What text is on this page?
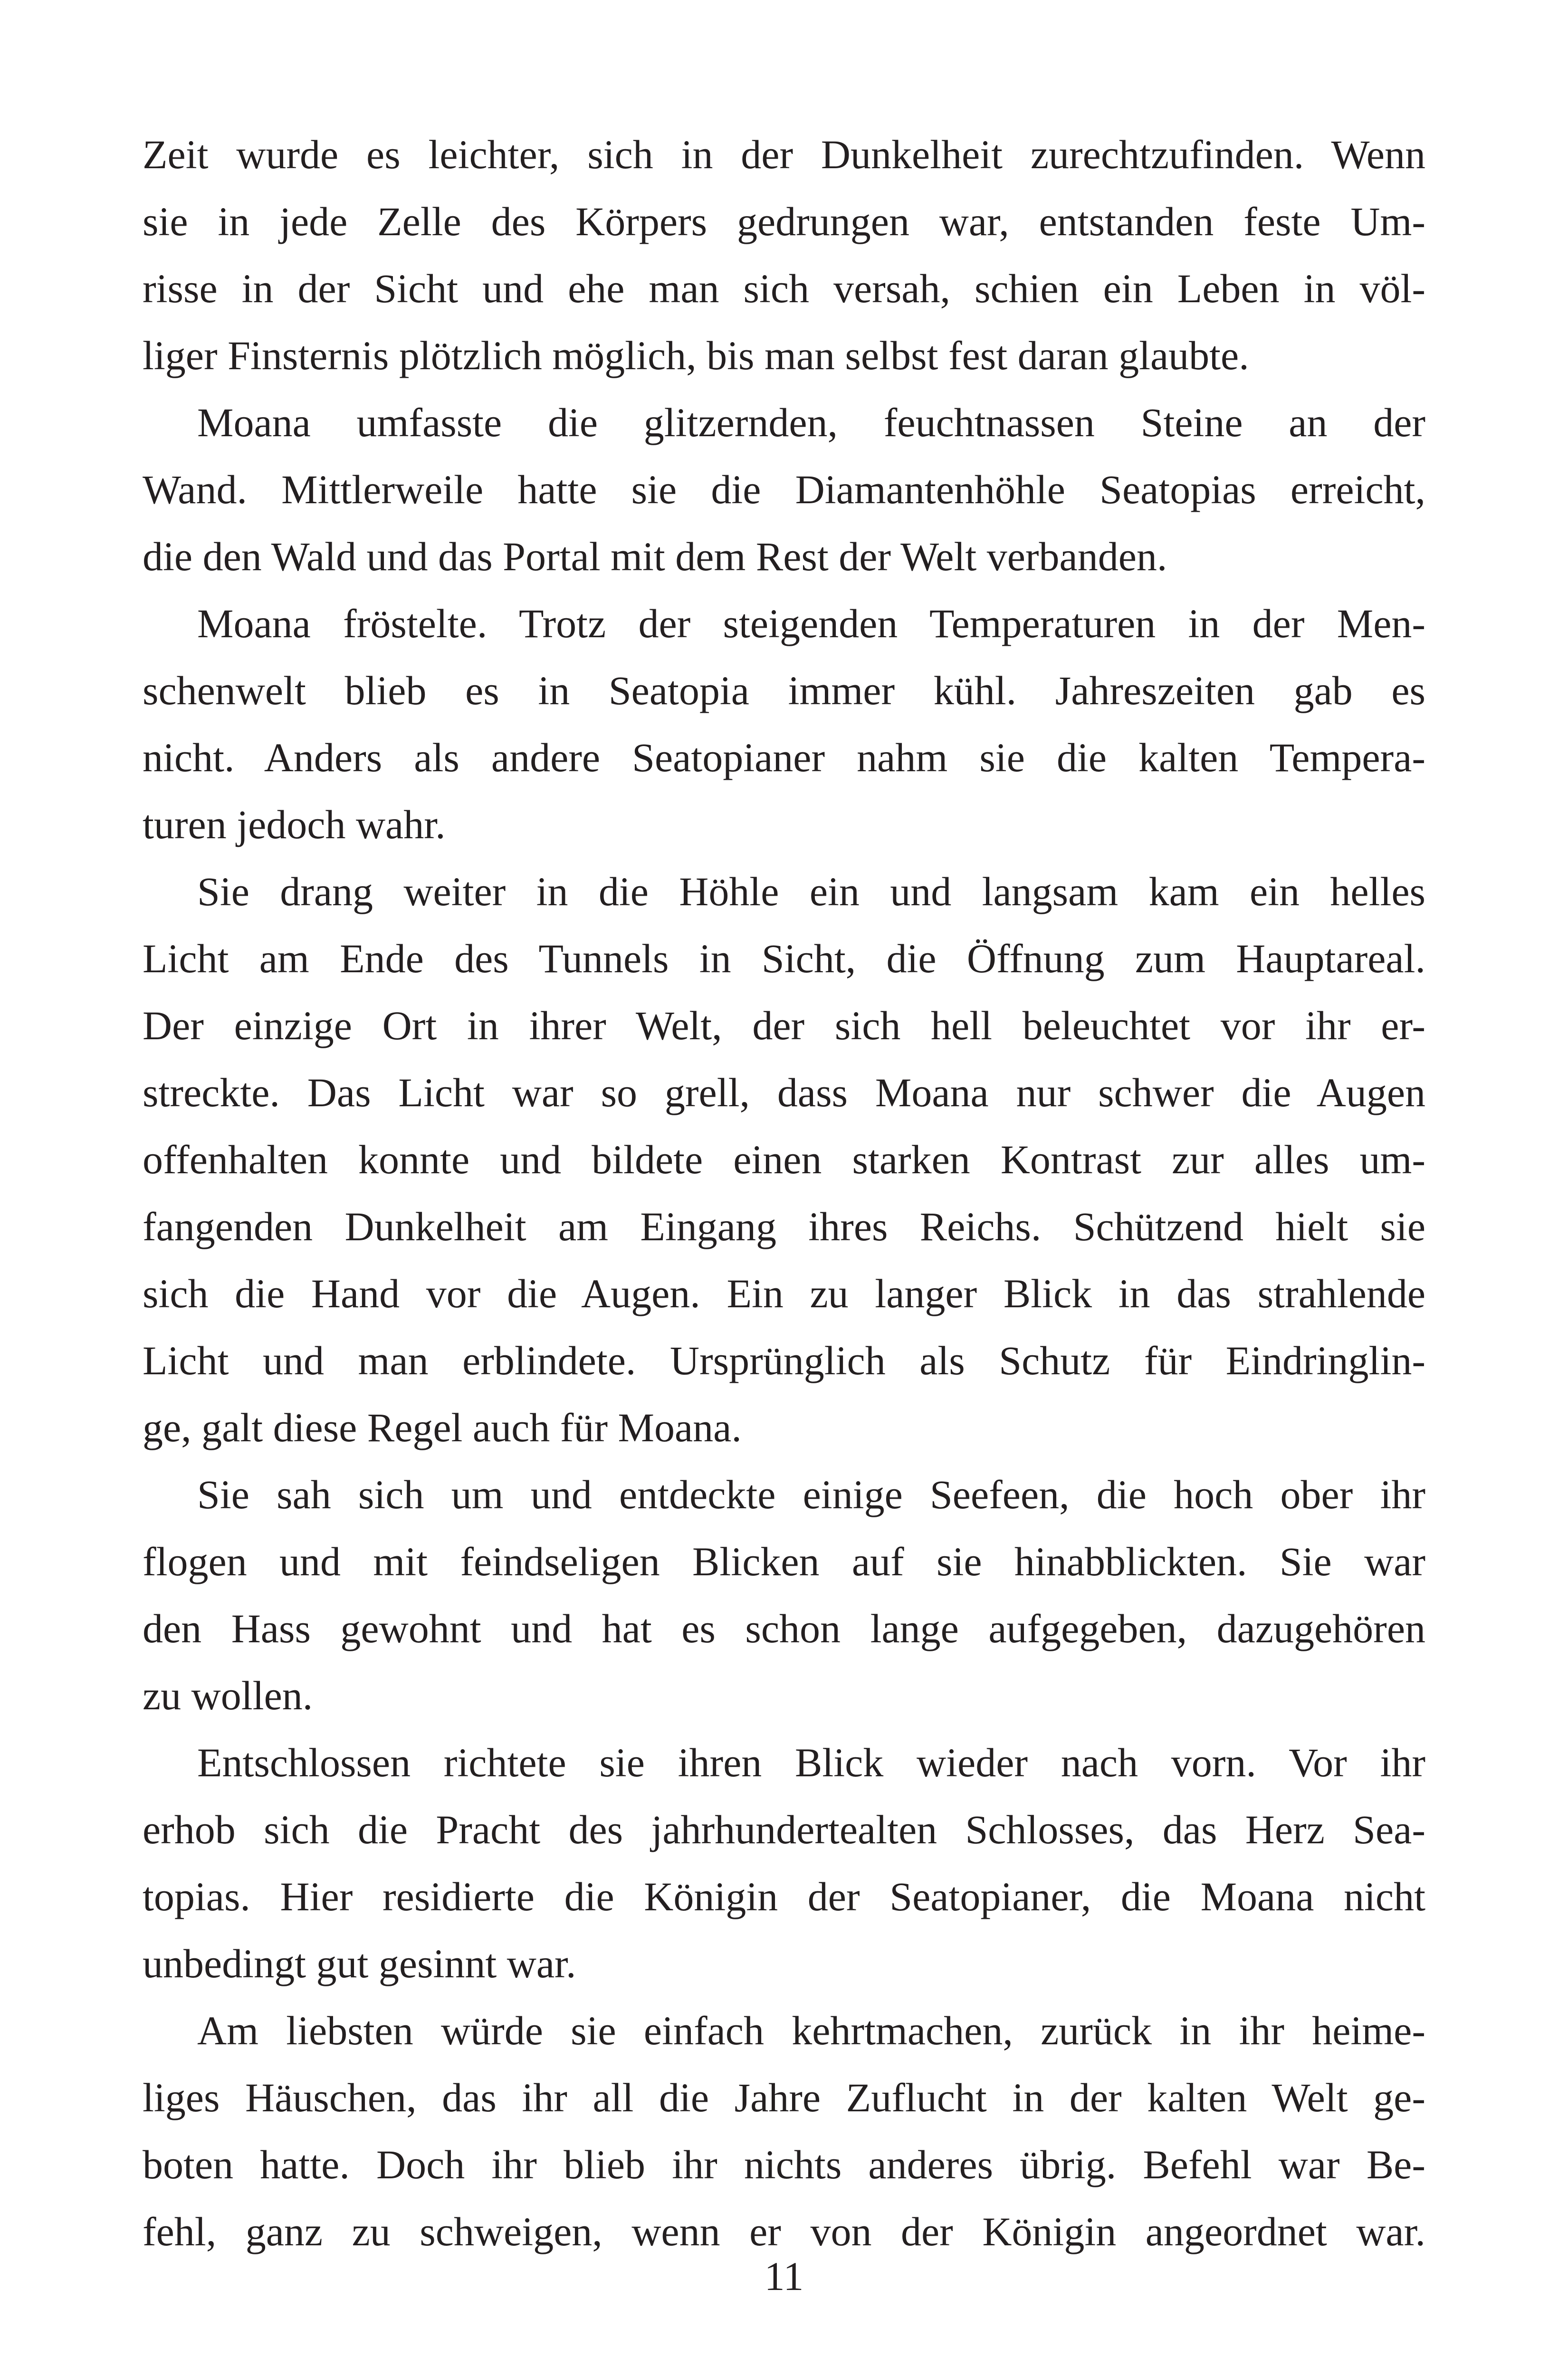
Zeit wurde es leichter, sich in der Dunkelheit zurechtzufinden. Wenn
sie in jede Zelle des Körpers gedrungen war, entstanden feste Um-
risse in der Sicht und ehe man sich versah, schien ein Leben in völ-
liger Finsternis plötzlich möglich, bis man selbst fest daran glaubte.

Moana umfasste die glitzernden, feuchtnassen Steine an der
Wand. Mittlerweile hatte sie die Diamantenhöhle Seatopias erreicht,
die den Wald und das Portal mit dem Rest der Welt verbanden.

Moana fröstelte. Trotz der steigenden Temperaturen in der Men-
schenwelt blieb es in Seatopia immer kühl. Jahreszeiten gab es
nicht. Anders als andere Seatopianer nahm sie die kalten Tempera-
turen jedoch wahr.

Sie drang weiter in die Höhle ein und langsam kam ein helles
Licht am Ende des Tunnels in Sicht, die Öffnung zum Hauptareal.
Der einzige Ort in ihrer Welt, der sich hell beleuchtet vor ihr er-
streckte. Das Licht war so grell, dass Moana nur schwer die Augen
offenhalten konnte und bildete einen starken Kontrast zur alles um-
fangenden Dunkelheit am Eingang ihres Reichs. Schützend hielt sie
sich die Hand vor die Augen. Ein zu langer Blick in das strahlende
Licht und man erblindete. Ursprünglich als Schutz für Eindringlin-
ge, galt diese Regel auch für Moana.

Sie sah sich um und entdeckte einige Seefeen, die hoch ober ihr
flogen und mit feindseligen Blicken auf sie hinabblickten. Sie war
den Hass gewohnt und hat es schon lange aufgegeben, dazugehören
zu wollen.

Entschlossen richtete sie ihren Blick wieder nach vorn. Vor ihr
erhob sich die Pracht des jahrhundertealten Schlosses, das Herz Sea-
topias. Hier residierte die Königin der Seatopianer, die Moana nicht
unbedingt gut gesinnt war.

Am liebsten würde sie einfach kehrtmachen, zurück in ihr heime-
liges Häuschen, das ihr all die Jahre Zuflucht in der kalten Welt ge-
boten hatte. Doch ihr blieb ihr nichts anderes übrig. Befehl war Be-
fehl, ganz zu schweigen, wenn er von der Königin angeordnet war.

11
